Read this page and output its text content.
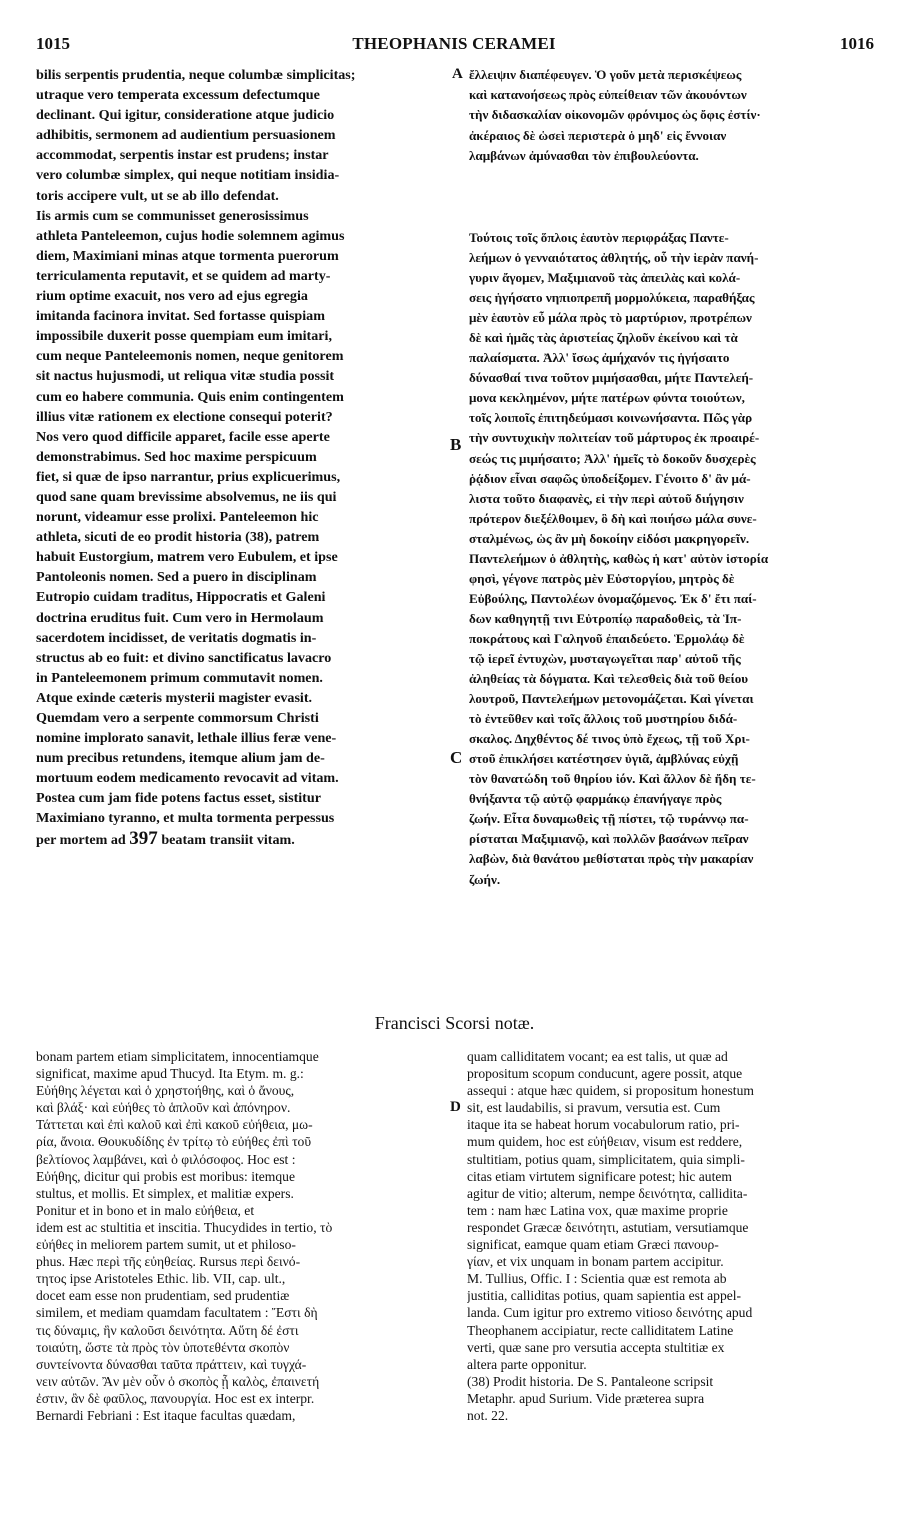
1015	THEOPHANIS CERAMEI	1016
A
B
C
D
bilis serpentis prudentia, neque columbæ simplicitas;
utraque vero temperata excessum defectumque
declinant. Qui igitur, consideratione atque judicio
adhibitis, sermonem ad audientium persuasionem
accommodat, serpentis instar est prudens; instar
vero columbæ simplex, qui neque notitiam insidia-
toris accipere vult, ut se ab illo defendat.
Iis armis cum se communisset generosissimus
athleta Panteleemon, cujus hodie solemnem agimus
diem, Maximiani minas atque tormenta puerorum
terriculamenta reputavit, et se quidem ad marty-
rium optime exacuit, nos vero ad ejus egregia
imitanda facinora invitat. Sed fortasse quispiam
impossibile duxerit posse quempiam eum imitari,
cum neque Panteleemonis nomen, neque genitorem
sit nactus hujusmodi, ut reliqua vitæ studia possit
cum eo habere communia. Quis enim contingentem
illius vitæ rationem ex electione consequi poterit?
Nos vero quod difficile apparet, facile esse aperte
demonstrabimus. Sed hoc maxime perspicuum
fiet, si quæ de ipso narrantur, prius explicuerimus,
quod sane quam brevissime absolvemus, ne iis qui
norunt, videamur esse prolixi. Panteleemon hic
athleta, sicuti de eo prodit historia (38), patrem
habuit Eustorgium, matrem vero Eubulem, et ipse
Pantoleonis nomen. Sed a puero in disciplinam
Eutropio cuidam traditus, Hippocratis et Galeni
doctrina eruditus fuit. Cum vero in Hermolaum
sacerdotem incidisset, de veritatis dogmatis in-
structus ab eo fuit: et divino sanctificatus lavacro
in Panteleemonem primum commutavit nomen.
Atque exinde cæteris mysterii magister evasit.
Quemdam vero a serpente commorsum Christi
nomine implorato sanavit, lethale illius feræ vene-
num precibus retundens, itemque alium jam de-
mortuum eodem medicamento revocavit ad vitam.
Postea cum jam fide potens factus esset, sistitur
Maximiano tyranno, et multa tormenta perpessus
per mortem ad 397 beatam transiit vitam.
ἔλλειψιν διαπέφευγεν. Ὁ γοῦν μετὰ περισκέψεως
καὶ κατανοήσεως πρὸς εὐπείθειαν τῶν ἀκουόντων
τὴν διδασκαλίαν οἰκονομῶν φρόνιμος ὡς ὄφις ἐστίν·
ἀκέραιος δὲ ὡσεὶ περιστερὰ ὁ μηδ' εἰς ἔννοιαν
λαμβάνων ἀμύνασθαι τὸν ἐπιβουλεύοντα.
Τούτοις τοῖς ὅπλοις ἑαυτὸν περιφράξας Παντε-
λεήμων ὁ γενναιότατος ἀθλητής, οὗ τὴν ἱερὰν πανή-
γυριν ἄγομεν, Μαξιμιανοῦ τὰς ἀπειλὰς καὶ κολά-
σεις ἡγήσατο νηπιοπρεπῆ μορμολύκεια, παραθήξας
μὲν ἑαυτὸν εὖ μάλα πρὸς τὸ μαρτύριον, προτρέπων
δὲ καὶ ἡμᾶς τὰς ἀριστείας ζηλοῦν ἐκείνου καὶ τὰ
παλαίσματα. Ἀλλ' ἴσως ἀμήχανόν τις ἡγήσαιτο
δύνασθαί τινα τοῦτον μιμήσασθαι, μήτε Παντελεή-
μονα κεκλημένον, μήτε πατέρων φύντα τοιούτων,
τοῖς λοιποῖς ἐπιτηδεύμασι κοινωνήσαντα. Πῶς γὰρ
τὴν συντυχικὴν πολιτείαν τοῦ μάρτυρος ἐκ προαιρέ-
σεώς τις μιμήσαιτο; Ἀλλ' ἡμεῖς τὸ δοκοῦν δυσχερὲς
ῥᾴδιον εἶναι σαφῶς ὑποδείξομεν. Γένοιτο δ' ἂν μά-
λιστα τοῦτο διαφανὲς, εἰ τὴν περὶ αὐτοῦ διήγησιν
πρότερον διεξέλθοιμεν, ὃ δὴ καὶ ποιήσω μάλα συνε-
σταλμένως, ὡς ἂν μὴ δοκοίην εἰδόσι μακρηγορεῖν.
Παντελεήμων ὁ ἀθλητὴς, καθὼς ἡ κατ' αὐτὸν ἱστορία
φησὶ, γέγονε πατρὸς μὲν Εὐστοργίου, μητρὸς δὲ
Εὐβούλης, Παντολέων ὀνομαζόμενος. Ἐκ δ' ἔτι παί-
δων καθηγητῇ τινι Εὐτροπίῳ παραδοθεὶς, τὰ Ἱπ-
ποκράτους καὶ Γαληνοῦ ἐπαιδεύετο. Ἑρμολάῳ δὲ
τῷ ἱερεῖ ἐντυχὼν, μυσταγωγεῖται παρ' αὐτοῦ τῆς
ἀληθείας τὰ δόγματα. Καὶ τελεσθεὶς διὰ τοῦ θείου
λουτροῦ, Παντελεήμων μετονομάζεται. Καὶ γίνεται
τὸ ἐντεῦθεν καὶ τοῖς ἄλλοις τοῦ μυστηρίου διδά-
σκαλος. Δηχθέντος δέ τινος ὑπὸ ἔχεως, τῇ τοῦ Χρι-
στοῦ ἐπικλήσει κατέστησεν ὑγιᾶ, ἀμβλύνας εὐχῇ
τὸν θανατώδη τοῦ θηρίου ἰόν. Καὶ ἄλλον δὲ ἤδη τε-
θνήξαντα τῷ αὐτῷ φαρμάκῳ ἐπανήγαγε πρὸς
ζωήν. Εἶτα δυναμωθεὶς τῇ πίστει, τῷ τυράννῳ πα-
ρίσταται Μαξιμιανῷ, καὶ πολλῶν βασάνων πεῖραν
λαβὼν, διὰ θανάτου μεθίσταται πρὸς τὴν μακαρίαν
ζωήν.
Francisci Scorsi notæ.
bonam partem etiam simplicitatem, innocentiamque
significat, maxime apud Thucyd. Ita Etym. m. g.:
Εὐήθης λέγεται καὶ ὁ χρηστοήθης, καὶ ὁ ἄνους,
καὶ βλάξ· καὶ εὐήθες τὸ ἁπλοῦν καὶ ἀπόνηρον.
Τάττεται καὶ ἐπὶ καλοῦ καὶ ἐπὶ κακοῦ εὐήθεια, μω-
ρία, ἄνοια. Θουκυδίδης ἐν τρίτῳ τὸ εὐήθες ἐπὶ τοῦ
βελτίονος λαμβάνει, καὶ ὁ φιλόσοφος. Hoc est :
Εὐήθης, dicitur qui probis est moribus: itemque
stultus, et mollis. Et simplex, et malitiæ expers.
Ponitur et in bono et in malo εὐήθεια, et
idem est ac stultitia et inscitia. Thucydides in tertio, τὸ
εὐήθες in meliorem partem sumit, ut et philoso-
phus. Hæc περὶ τῆς εὐηθείας. Rursus περὶ δεινό-
τητος ipse Aristoteles Ethic. lib. VII, cap. ult.,
docet eam esse non prudentiam, sed prudentiæ
similem, et mediam quamdam facultatem : Ἔστι δὴ
τις δύναμις, ἣν καλοῦσι δεινότητα. Αὕτη δέ ἐστι
τοιαύτη, ὥστε τὰ πρὸς τὸν ὑποτεθέντα σκοπὸν
συντείνοντα δύνασθαι ταῦτα πράττειν, καὶ τυγχά-
νειν αὐτῶν. Ἂν μὲν οὖν ὁ σκοπὸς ᾖ καλὸς, ἐπαινετή
ἐστιν, ἂν δὲ φαῦλος, πανουργία. Hoc est ex interpr.
Bernardi Febriani : Est itaque facultas quædam,
quam calliditatem vocant; ea est talis, ut quæ ad
propositum scopum conducunt, agere possit, atque
assequi : atque hæc quidem, si propositum honestum
sit, est laudabilis, si pravum, versutia est. Cum
itaque ita se habeat horum vocabulorum ratio, pri-
mum quidem, hoc est εὐήθειαν, visum est reddere,
stultitiam, potius quam, simplicitatem, quia simpli-
citas etiam virtutem significare potest; hic autem
agitur de vitio; alterum, nempe δεινότητα, callidita-
tem : nam hæc Latina vox, quæ maxime proprie
respondet Græcæ δεινότητι, astutiam, versutiamque
significat, eamque quam etiam Græci πανουρ-
γίαν, et vix unquam in bonam partem accipitur.
M. Tullius, Offic. I : Scientia quæ est remota ab
justitia, calliditas potius, quam sapientia est appel-
landa. Cum igitur pro extremo vitioso δεινότης apud
Theophanem accipiatur, recte calliditatem Latine
verti, quæ sane pro versutia accepta stultitiæ ex
altera parte opponitur.
(38) Prodit historia. De S. Pantaleone scripsit
Metaphr. apud Surium. Vide præterea supra
not. 22.
